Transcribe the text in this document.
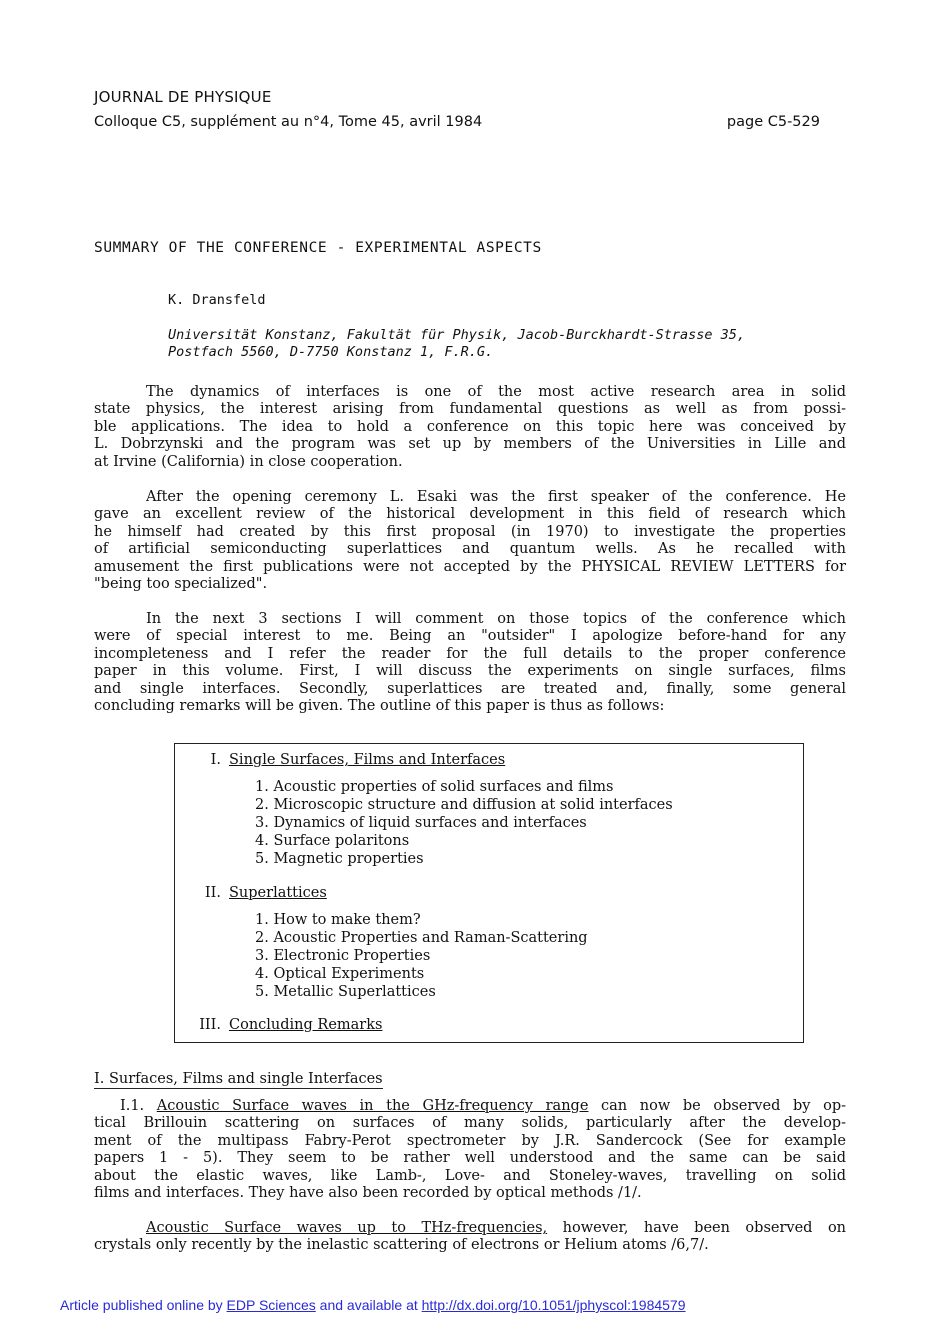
JOURNAL DE PHYSIQUE
Colloque C5, supplément au n°4, Tome 45, avril 1984	page C5-529
SUMMARY OF THE CONFERENCE - EXPERIMENTAL ASPECTS
K. Dransfeld
Universität Konstanz, Fakultät für Physik, Jacob-Burckhardt-Strasse 35,
Postfach 5560, D-7750 Konstanz 1, F.R.G.
The dynamics of interfaces is one of the most active research area in solid
state physics, the interest arising from fundamental questions as well as from possi-
ble applications. The idea to hold a conference on this topic here was conceived by
L. Dobrzynski and the program was set up by members of the Universities in Lille and
at Irvine (California) in close cooperation.
After the opening ceremony L. Esaki was the first speaker of the conference. He
gave an excellent review of the historical development in this field of research which
he himself had created by this first proposal (in 1970) to investigate the properties
of artificial semiconducting superlattices and quantum wells. As he recalled with
amusement the first publications were not accepted by the PHYSICAL REVIEW LETTERS for
"being too specialized".
In the next 3 sections I will comment on those topics of the conference which
were of special interest to me. Being an "outsider" I apologize before-hand for any
incompleteness and I refer the reader for the full details to the proper conference
paper in this volume. First, I will discuss the experiments on single surfaces, films
and single interfaces. Secondly, superlattices are treated and, finally, some general
concluding remarks will be given. The outline of this paper is thus as follows:
I. Single Surfaces, Films and Interfaces
1. Acoustic properties of solid surfaces and films
2. Microscopic structure and diffusion at solid interfaces
3. Dynamics of liquid surfaces and interfaces
4. Surface polaritons
5. Magnetic properties
II. Superlattices
1. How to make them?
2. Acoustic Properties and Raman-Scattering
3. Electronic Properties
4. Optical Experiments
5. Metallic Superlattices
III. Concluding Remarks
I. Surfaces, Films and single Interfaces
I.1. Acoustic Surface waves in the GHz-frequency range can now be observed by op-
tical Brillouin scattering on surfaces of many solids, particularly after the develop-
ment of the multipass Fabry-Perot spectrometer by J.R. Sandercock (See for example
papers 1 - 5). They seem to be rather well understood and the same can be said
about the elastic waves, like Lamb-, Love- and Stoneley-waves, travelling on solid
films and interfaces. They have also been recorded by optical methods /1/.
Acoustic Surface waves up to THz-frequencies, however, have been observed on
crystals only recently by the inelastic scattering of electrons or Helium atoms /6,7/.
Article published online by EDP Sciences and available at http://dx.doi.org/10.1051/jphyscol:1984579
